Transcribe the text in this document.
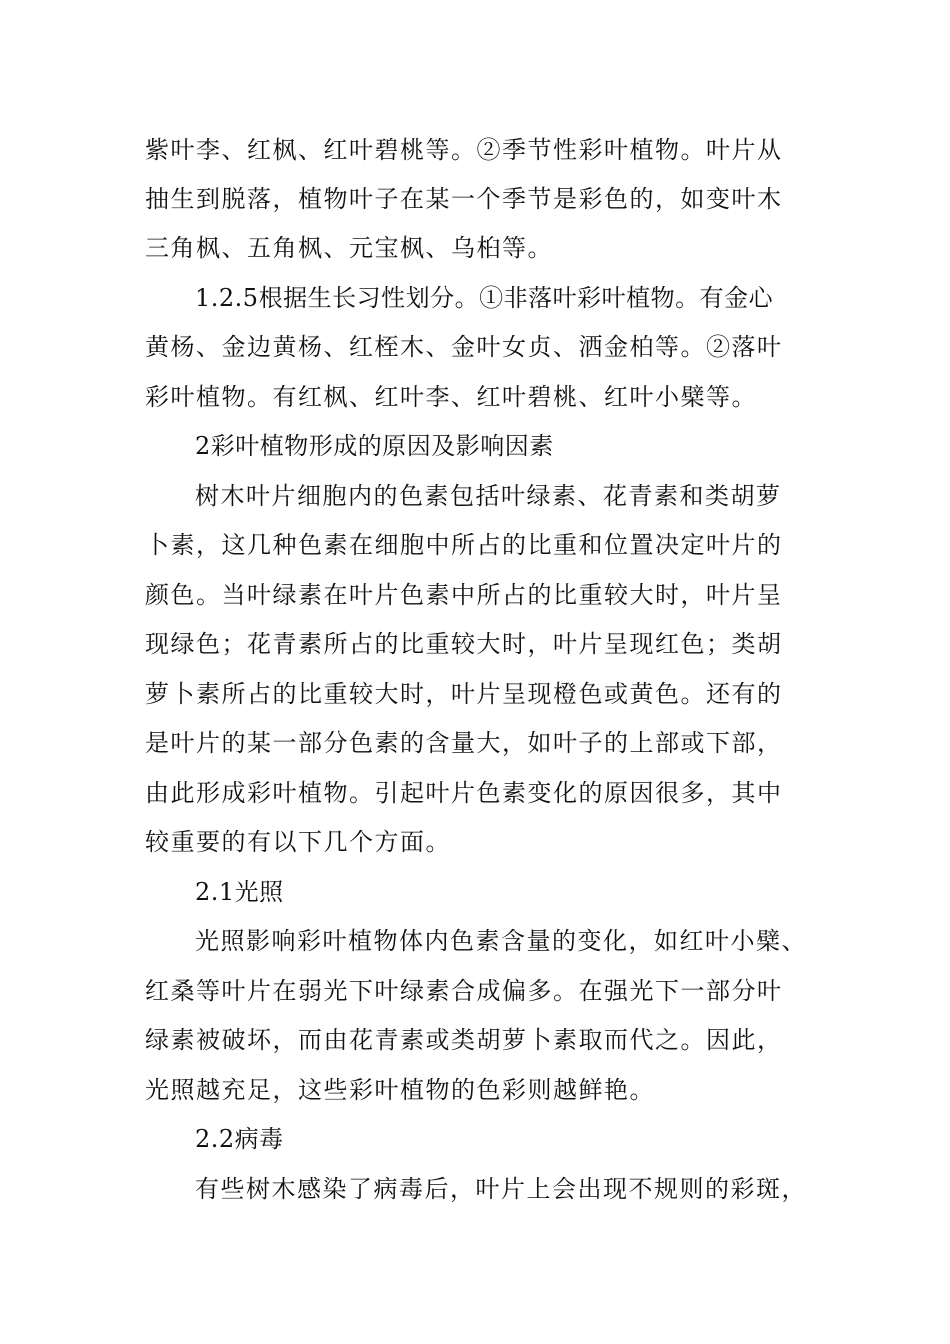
紫叶李、红枫、红叶碧桃等。②季节性彩叶植物。叶片从
抽生到脱落，植物叶子在某一个季节是彩色的，如变叶木
三角枫、五角枫、元宝枫、乌桕等。
1.2.5根据生长习性划分。①非落叶彩叶植物。有金心
黄杨、金边黄杨、红桎木、金叶女贞、洒金柏等。②落叶
彩叶植物。有红枫、红叶李、红叶碧桃、红叶小檗等。
2彩叶植物形成的原因及影响因素
树木叶片细胞内的色素包括叶绿素、花青素和类胡萝
卜素，这几种色素在细胞中所占的比重和位置决定叶片的
颜色。当叶绿素在叶片色素中所占的比重较大时，叶片呈
现绿色；花青素所占的比重较大时，叶片呈现红色；类胡
萝卜素所占的比重较大时，叶片呈现橙色或黄色。还有的
是叶片的某一部分色素的含量大，如叶子的上部或下部，
由此形成彩叶植物。引起叶片色素变化的原因很多，其中
较重要的有以下几个方面。
2.1光照
光照影响彩叶植物体内色素含量的变化，如红叶小檗、
红桑等叶片在弱光下叶绿素合成偏多。在强光下一部分叶
绿素被破坏，而由花青素或类胡萝卜素取而代之。因此，
光照越充足，这些彩叶植物的色彩则越鲜艳。
2.2病毒
有些树木感染了病毒后，叶片上会出现不规则的彩斑，
